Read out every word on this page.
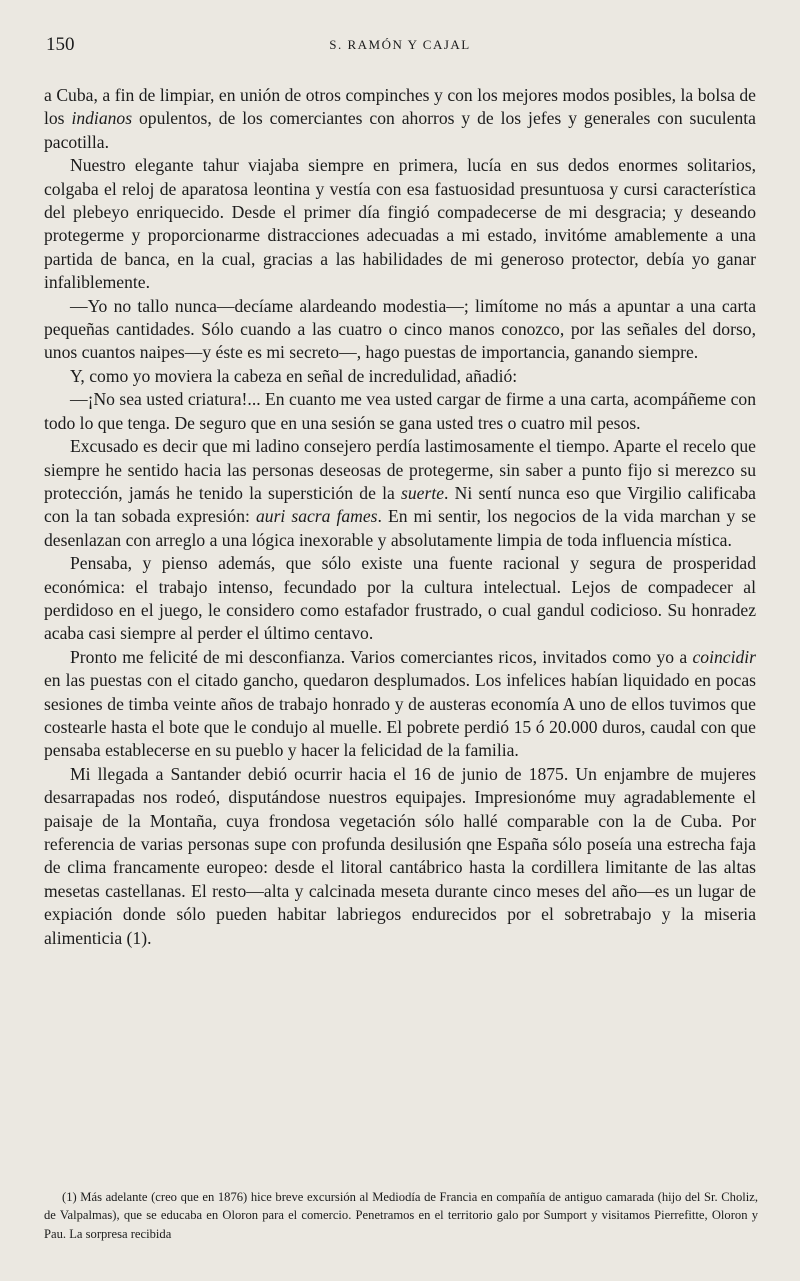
150	S. RAMÓN Y CAJAL

a Cuba, a fin de limpiar, en unión de otros compinches y con los mejores modos posibles, la bolsa de los indianos opulentos, de los comerciantes con ahorros y de los jefes y generales con suculenta pacotilla.

Nuestro elegante tahur viajaba siempre en primera, lucía en sus dedos enormes solitarios, colgaba el reloj de aparatosa leontina y vestía con esa fastuosidad presuntuosa y cursi característica del plebeyo enriquecido. Desde el primer día fingió compadecerse de mi desgracia; y deseando protegerme y proporcionarme distracciones adecuadas a mi estado, invitóme amablemente a una partida de banca, en la cual, gracias a las habilidades de mi generoso protector, debía yo ganar infaliblemente.

—Yo no tallo nunca—decíame alardeando modestia—; limítome no más a apuntar a una carta pequeñas cantidades. Sólo cuando a las cuatro o cinco manos conozco, por las señales del dorso, unos cuantos naipes—y éste es mi secreto—, hago puestas de importancia, ganando siempre.

Y, como yo moviera la cabeza en señal de incredulidad, añadió:

—¡No sea usted criatura!... En cuanto me vea usted cargar de firme a una carta, acompáñeme con todo lo que tenga. De seguro que en una sesión se gana usted tres o cuatro mil pesos.

Excusado es decir que mi ladino consejero perdía lastimosamente el tiempo. Aparte el recelo que siempre he sentido hacia las personas deseosas de protegerme, sin saber a punto fijo si merezco su protección, jamás he tenido la superstición de la suerte. Ni sentí nunca eso que Virgilio calificaba con la tan sobada expresión: auri sacra fames. En mi sentir, los negocios de la vida marchan y se desenlazan con arreglo a una lógica inexorable y absolutamente limpia de toda influencia mística.

Pensaba, y pienso además, que sólo existe una fuente racional y segura de prosperidad económica: el trabajo intenso, fecundado por la cultura intelectual. Lejos de compadecer al perdidoso en el juego, le considero como estafador frustrado, o cual gandul codicioso. Su honradez acaba casi siempre al perder el último centavo.

Pronto me felicité de mi desconfianza. Varios comerciantes ricos, invitados como yo a coincidir en las puestas con el citado gancho, quedaron desplumados. Los infelices habían liquidado en pocas sesiones de timba veinte años de trabajo honrado y de austeras economía A uno de ellos tuvimos que costearle hasta el bote que le condujo al muelle. El pobrete perdió 15 ó 20.000 duros, caudal con que pensaba establecerse en su pueblo y hacer la felicidad de la familia.

Mi llegada a Santander debió ocurrir hacia el 16 de junio de 1875. Un enjambre de mujeres desarrapadas nos rodeó, disputándose nuestros equipajes. Impresionóme muy agradablemente el paisaje de la Montaña, cuya frondosa vegetación sólo hallé comparable con la de Cuba. Por referencia de varias personas supe con profunda desilusión qne España sólo poseía una estrecha faja de clima francamente europeo: desde el litoral cantábrico hasta la cordillera limitante de las altas mesetas castellanas. El resto—alta y calcinada meseta durante cinco meses del año—es un lugar de expiación donde sólo pueden habitar labriegos endurecidos por el sobretrabajo y la miseria alimenticia (1).

(1) Más adelante (creo que en 1876) hice breve excursión al Mediodía de Francia en compañía de antiguo camarada (hijo del Sr. Choliz, de Valpalmas), que se educaba en Oloron para el comercio. Penetramos en el territorio galo por Sumport y visitamos Pierrefitte, Oloron y Pau. La sorpresa recibida
